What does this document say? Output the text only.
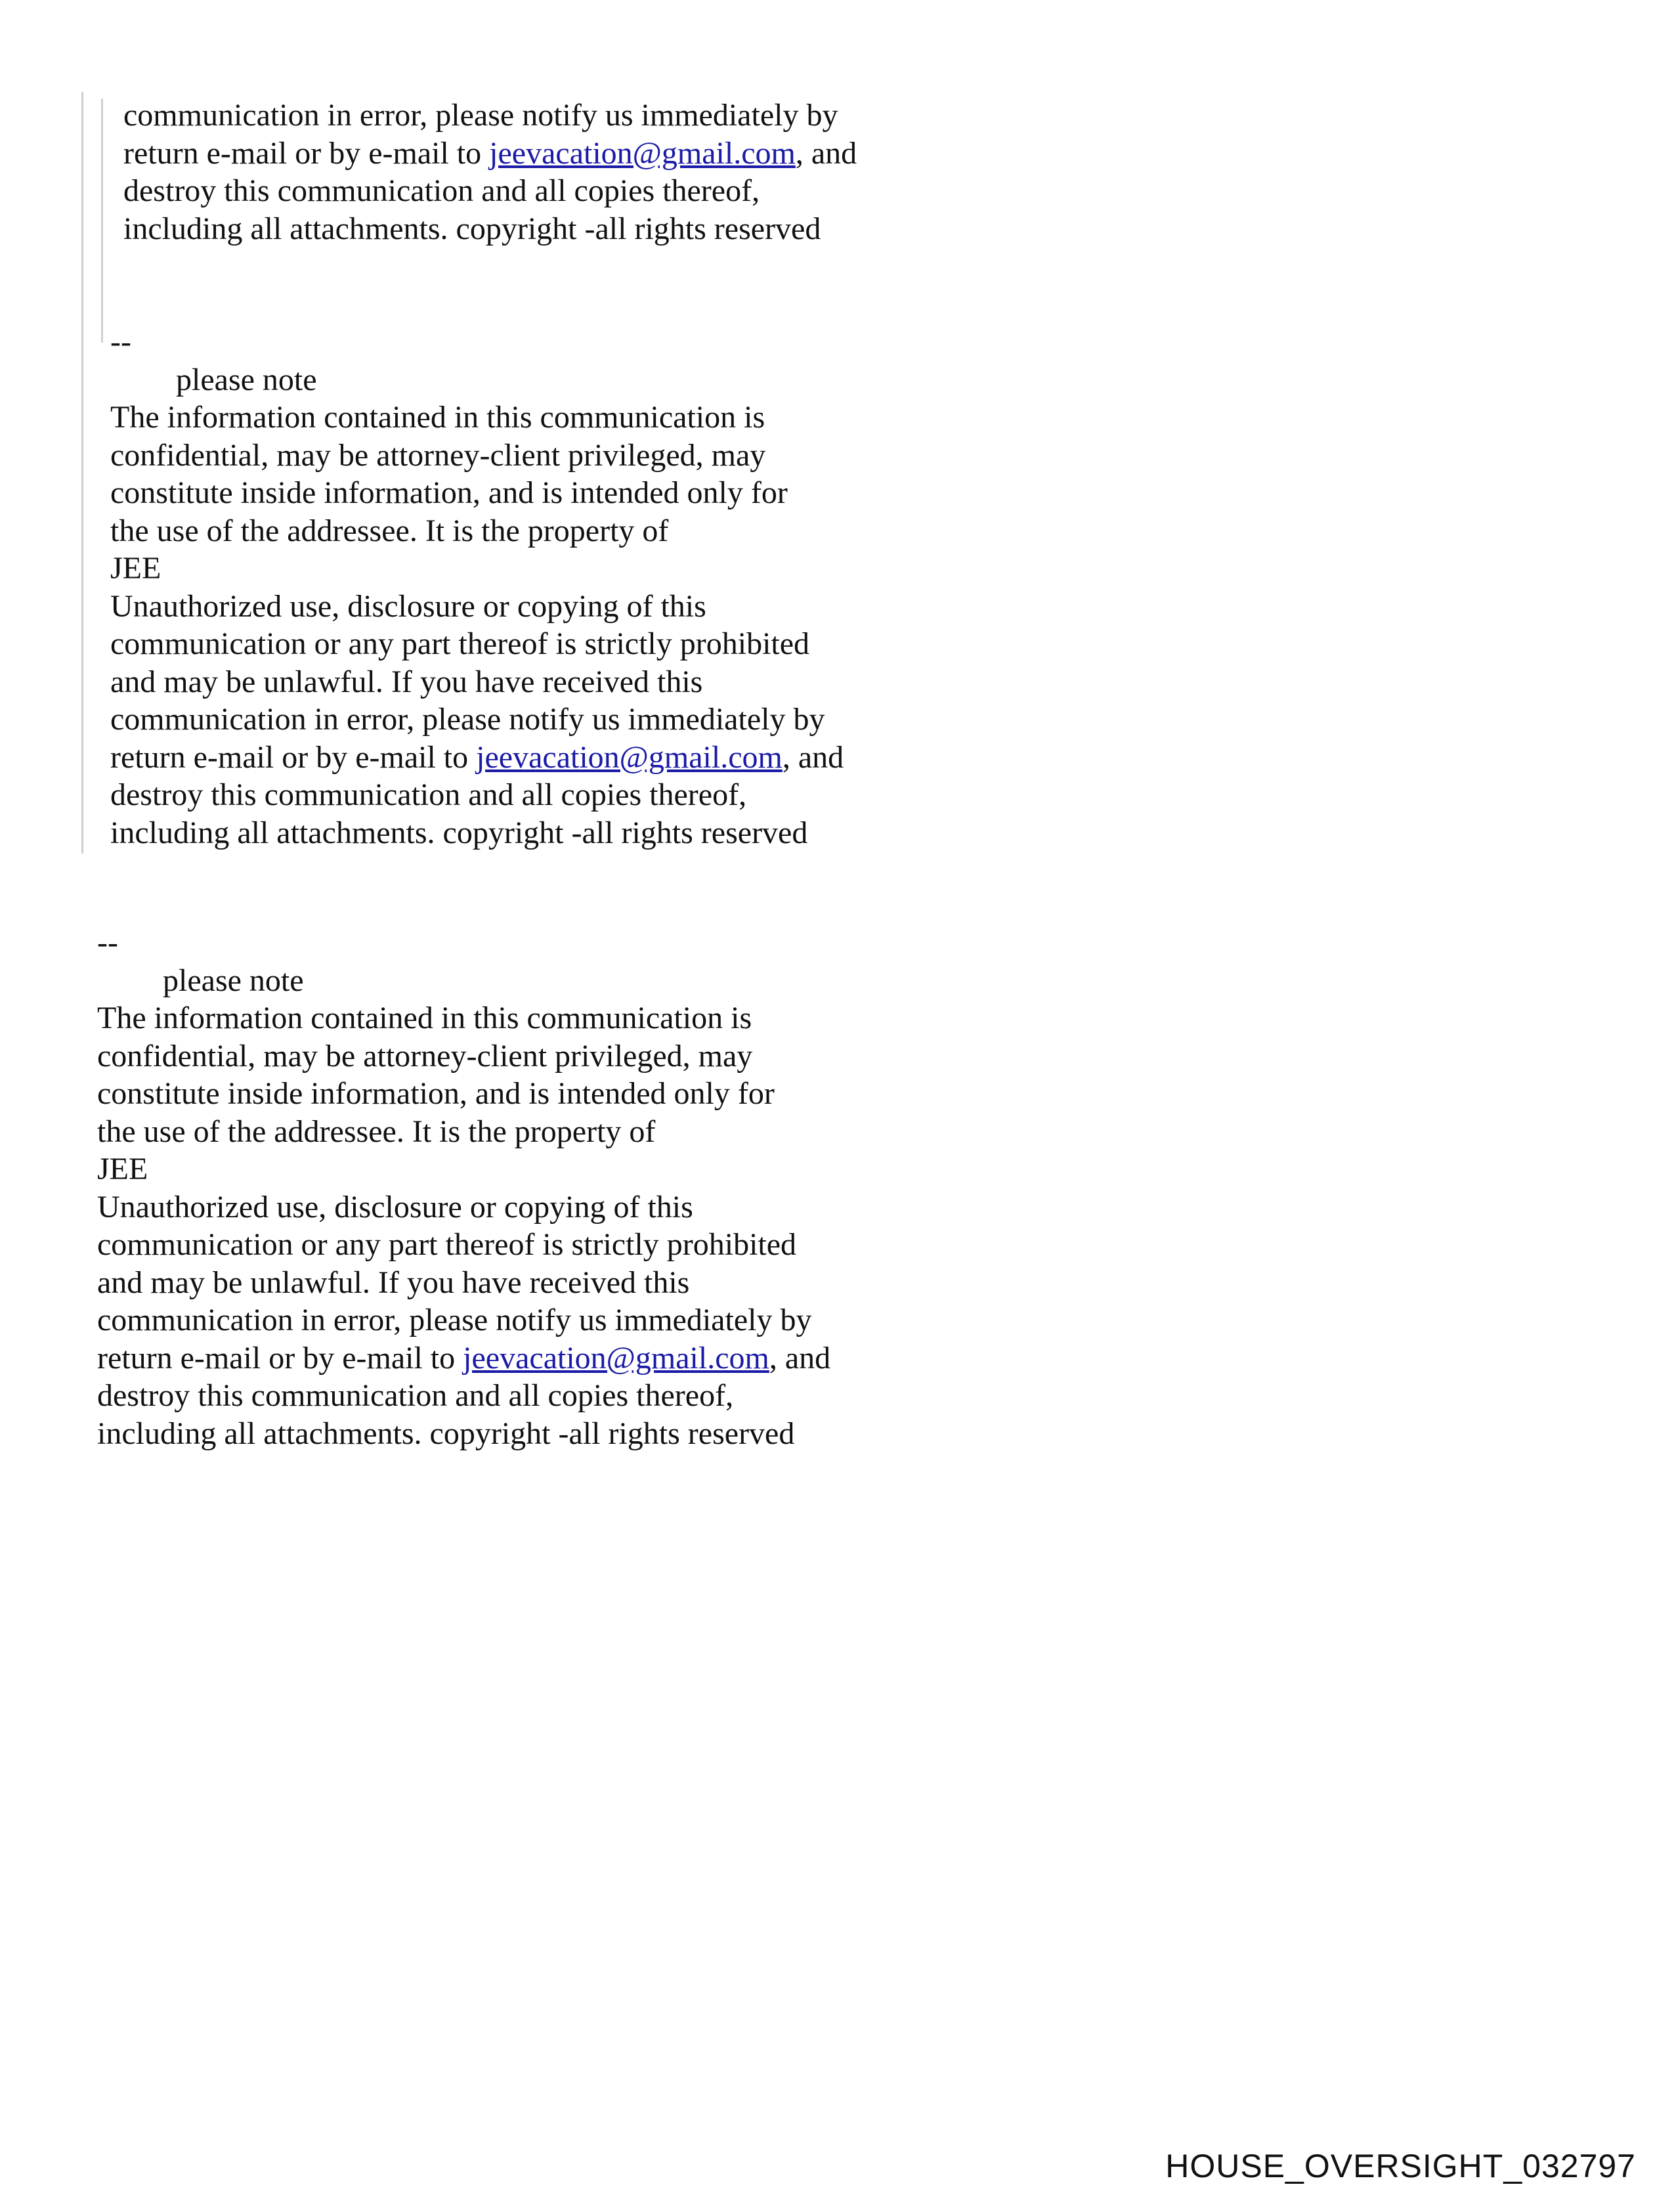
communication in error, please notify us immediately by
return e-mail or by e-mail to jeevacation@gmail.com, and
destroy this communication and all copies thereof,
including all attachments. copyright -all rights reserved
--
please note
The information contained in this communication is
confidential, may be attorney-client privileged, may
constitute inside information, and is intended only for
the use of the addressee. It is the property of
JEE
Unauthorized use, disclosure or copying of this
communication or any part thereof is strictly prohibited
and may be unlawful. If you have received this
communication in error, please notify us immediately by
return e-mail or by e-mail to jeevacation@gmail.com, and
destroy this communication and all copies thereof,
including all attachments. copyright -all rights reserved
--
please note
The information contained in this communication is
confidential, may be attorney-client privileged, may
constitute inside information, and is intended only for
the use of the addressee. It is the property of
JEE
Unauthorized use, disclosure or copying of this
communication or any part thereof is strictly prohibited
and may be unlawful. If you have received this
communication in error, please notify us immediately by
return e-mail or by e-mail to jeevacation@gmail.com, and
destroy this communication and all copies thereof,
including all attachments. copyright -all rights reserved
HOUSE_OVERSIGHT_032797
